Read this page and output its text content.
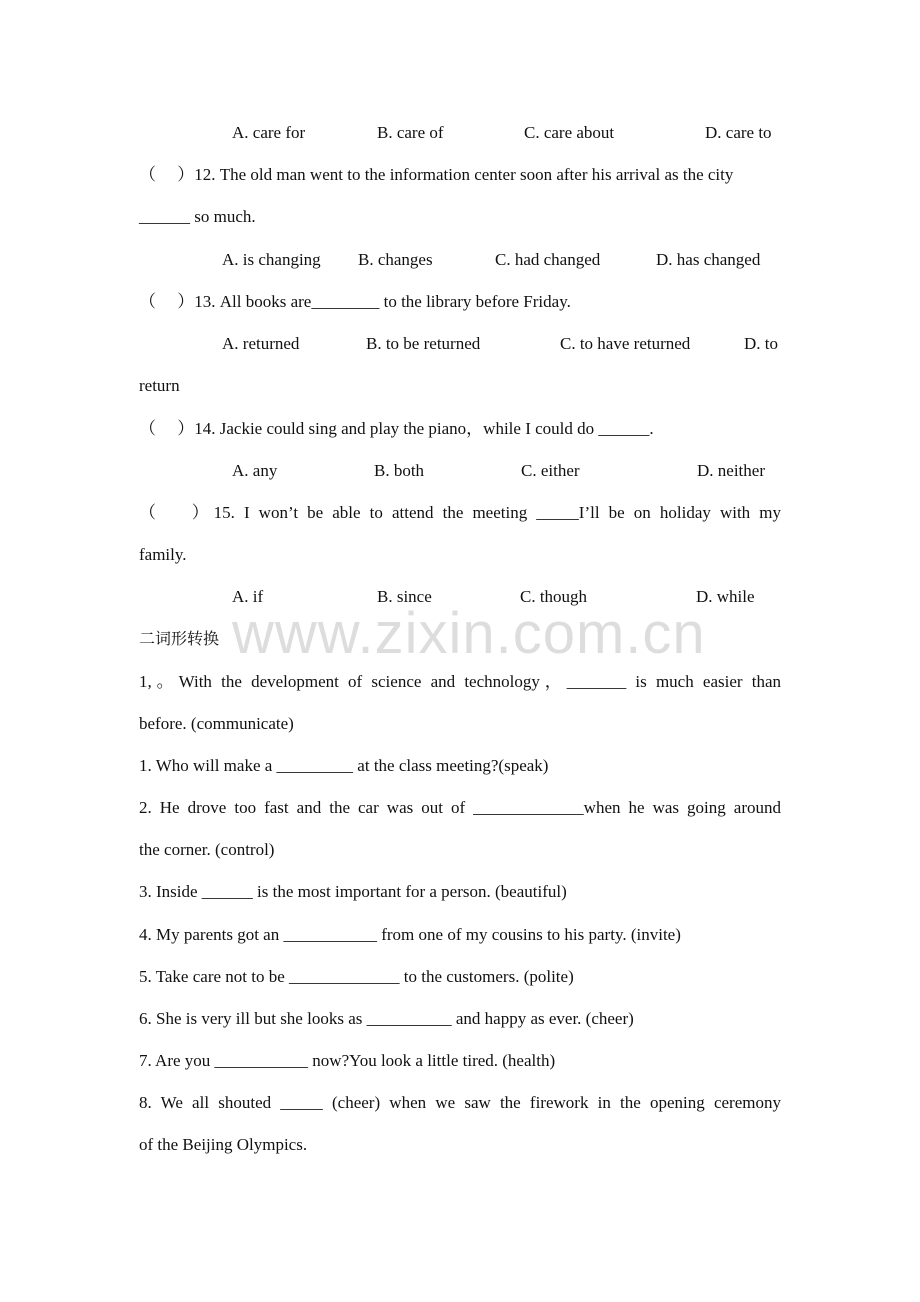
www.zixin.com.cn
A. care for	B. care of	C. care about	D. care to
（　 ）12. The old man went to the information center soon after his arrival as the city
______ so much.
A. is changing B. changes	C. had changed	D. has changed
（　 ）13. All books are________ to the library before Friday.
A. returned	B. to be returned	C. to have returned	D. to
return
（　 ）14. Jackie could sing and play the piano，while I could do ______.
A. any	B. both	C. either	D. neither
（　 ）15. I won’t be able to attend the meeting _____I’ll be on holiday with my
family.
A. if	B. since	C. though	D. while
二词形转换
1,。With the development of science and technology，_______ is much easier than
before. (communicate)
1. Who will make a _________ at the class meeting?(speak)
2. He drove too fast and the car was out of _____________when he was going around
the corner. (control)
3. Inside ______ is the most important for a person. (beautiful)
4. My parents got an ___________ from one of my cousins to his party. (invite)
5. Take care not to be _____________ to the customers. (polite)
6. She is very ill but she looks as __________ and happy as ever. (cheer)
7. Are you ___________ now?You look a little tired. (health)
8. We all shouted _____ (cheer) when we saw the firework in the opening ceremony
of the Beijing Olympics.
